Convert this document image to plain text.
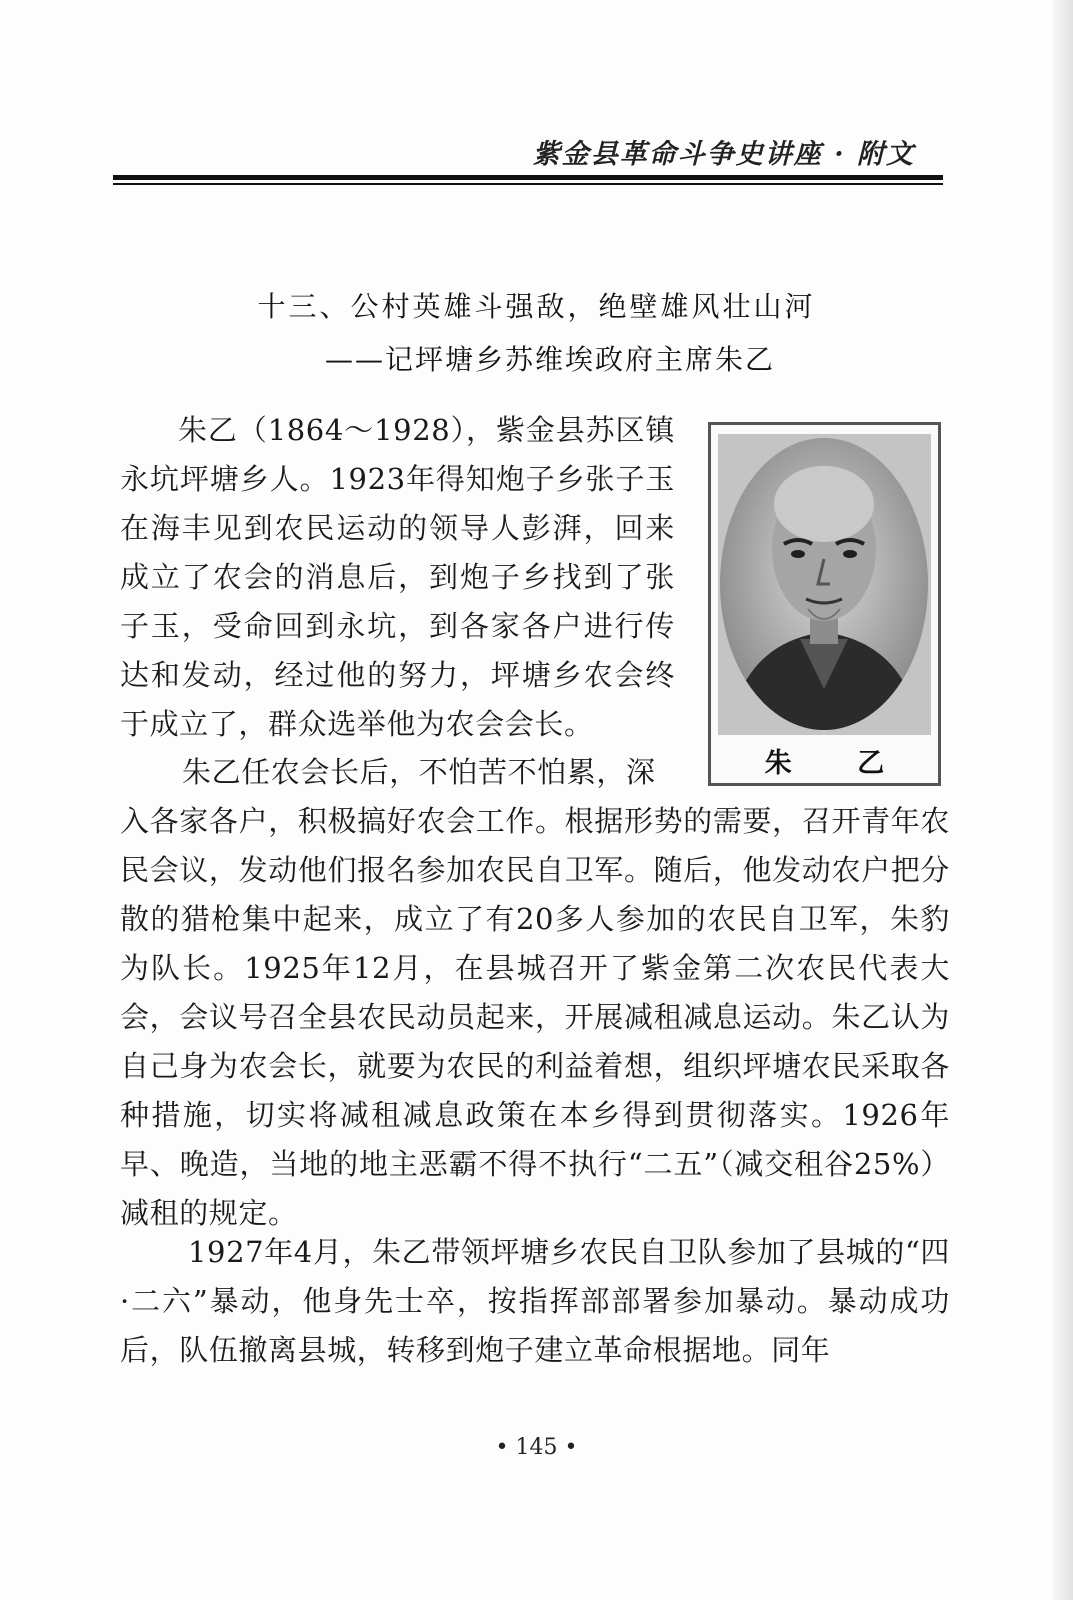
紫金县革命斗争史讲座 · 附文
十三、公村英雄斗强敌，绝壁雄风壮山河
——记坪塘乡苏维埃政府主席朱乙

朱乙（1864～1928），紫金县苏区镇永坑坪塘乡人。1923年得知炮子乡张子玉在海丰见到农民运动的领导人彭湃，回来成立了农会的消息后，到炮子乡找到了张子玉，受命回到永坑，到各家各户进行传达和发动，经过他的努力，坪塘乡农会终于成立了，群众选举他为农会会长。

朱乙任农会长后，不怕苦不怕累，深
入各家各户，积极搞好农会工作。根据形势的需要，召开青年农民会议，发动他们报名参加农民自卫军。随后，他发动农户把分散的猎枪集中起来，成立了有20多人参加的农民自卫军，朱豹为队长。1925年12月，在县城召开了紫金第二次农民代表大会，会议号召全县农民动员起来，开展减租减息运动。朱乙认为自己身为农会长，就要为农民的利益着想，组织坪塘农民采取各种措施，切实将减租减息政策在本乡得到贯彻落实。1926年早、晚造，当地的地主恶霸不得不执行“二五”（减交租谷25%）减租的规定。

1927年4月，朱乙带领坪塘乡农民自卫队参加了县城的“四·二六”暴动，他身先士卒，按指挥部部署参加暴动。暴动成功后，队伍撤离县城，转移到炮子建立革命根据地。同年

朱 乙
• 145 •
